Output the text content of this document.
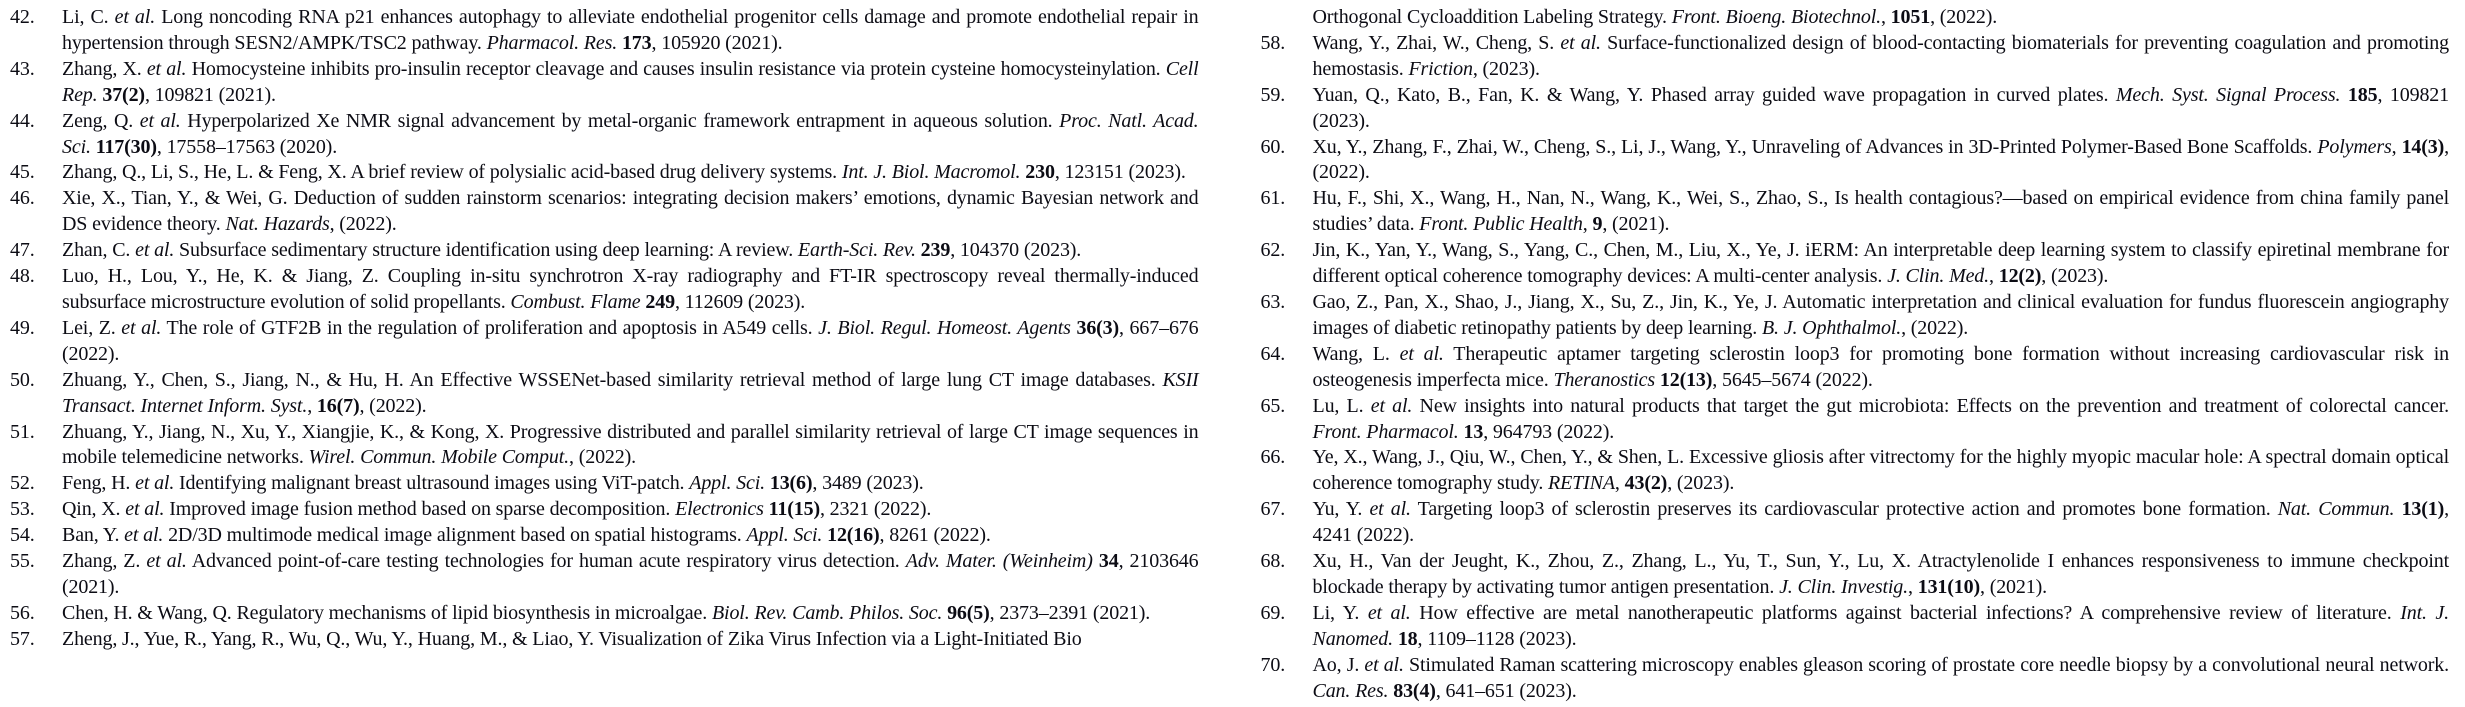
42.	Li, C. et al. Long noncoding RNA p21 enhances autophagy to alleviate endothelial progenitor cells damage and promote endothelial repair in hypertension through SESN2/AMPK/TSC2 pathway. Pharmacol. Res. 173, 105920 (2021).
43.	Zhang, X. et al. Homocysteine inhibits pro-insulin receptor cleavage and causes insulin resistance via protein cysteine homocysteinylation. Cell Rep. 37(2), 109821 (2021).
44.	Zeng, Q. et al. Hyperpolarized Xe NMR signal advancement by metal-organic framework entrapment in aqueous solution. Proc. Natl. Acad. Sci. 117(30), 17558–17563 (2020).
45.	Zhang, Q., Li, S., He, L. & Feng, X. A brief review of polysialic acid-based drug delivery systems. Int. J. Biol. Macromol. 230, 123151 (2023).
46.	Xie, X., Tian, Y., & Wei, G. Deduction of sudden rainstorm scenarios: integrating decision makers’ emotions, dynamic Bayesian network and DS evidence theory. Nat. Hazards, (2022).
47.	Zhan, C. et al. Subsurface sedimentary structure identification using deep learning: A review. Earth-Sci. Rev. 239, 104370 (2023).
48.	Luo, H., Lou, Y., He, K. & Jiang, Z. Coupling in-situ synchrotron X-ray radiography and FT-IR spectroscopy reveal thermally-induced subsurface microstructure evolution of solid propellants. Combust. Flame 249, 112609 (2023).
49.	Lei, Z. et al. The role of GTF2B in the regulation of proliferation and apoptosis in A549 cells. J. Biol. Regul. Homeost. Agents 36(3), 667–676 (2022).
50.	Zhuang, Y., Chen, S., Jiang, N., & Hu, H. An Effective WSSENet-based similarity retrieval method of large lung CT image databases. KSII Transact. Internet Inform. Syst., 16(7), (2022).
51.	Zhuang, Y., Jiang, N., Xu, Y., Xiangjie, K., & Kong, X. Progressive distributed and parallel similarity retrieval of large CT image sequences in mobile telemedicine networks. Wirel. Commun. Mobile Comput., (2022).
52.	Feng, H. et al. Identifying malignant breast ultrasound images using ViT-patch. Appl. Sci. 13(6), 3489 (2023).
53.	Qin, X. et al. Improved image fusion method based on sparse decomposition. Electronics 11(15), 2321 (2022).
54.	Ban, Y. et al. 2D/3D multimode medical image alignment based on spatial histograms. Appl. Sci. 12(16), 8261 (2022).
55.	Zhang, Z. et al. Advanced point-of-care testing technologies for human acute respiratory virus detection. Adv. Mater. (Weinheim) 34, 2103646 (2021).
56.	Chen, H. & Wang, Q. Regulatory mechanisms of lipid biosynthesis in microalgae. Biol. Rev. Camb. Philos. Soc. 96(5), 2373–2391 (2021).
57.	Zheng, J., Yue, R., Yang, R., Wu, Q., Wu, Y., Huang, M., & Liao, Y. Visualization of Zika Virus Infection via a Light-Initiated Bio
Orthogonal Cycloaddition Labeling Strategy. Front. Bioeng. Biotechnol., 1051, (2022).
58.	Wang, Y., Zhai, W., Cheng, S. et al. Surface-functionalized design of blood-contacting biomaterials for preventing coagulation and promoting hemostasis. Friction, (2023).
59.	Yuan, Q., Kato, B., Fan, K. & Wang, Y. Phased array guided wave propagation in curved plates. Mech. Syst. Signal Process. 185, 109821 (2023).
60.	Xu, Y., Zhang, F., Zhai, W., Cheng, S., Li, J., Wang, Y., Unraveling of Advances in 3D-Printed Polymer-Based Bone Scaffolds. Polymers, 14(3), (2022).
61.	Hu, F., Shi, X., Wang, H., Nan, N., Wang, K., Wei, S., Zhao, S., Is health contagious?—based on empirical evidence from china family panel studies’ data. Front. Public Health, 9, (2021).
62.	Jin, K., Yan, Y., Wang, S., Yang, C., Chen, M., Liu, X., Ye, J. iERM: An interpretable deep learning system to classify epiretinal membrane for different optical coherence tomography devices: A multi-center analysis. J. Clin. Med., 12(2), (2023).
63.	Gao, Z., Pan, X., Shao, J., Jiang, X., Su, Z., Jin, K., Ye, J. Automatic interpretation and clinical evaluation for fundus fluorescein angiography images of diabetic retinopathy patients by deep learning. B. J. Ophthalmol., (2022).
64.	Wang, L. et al. Therapeutic aptamer targeting sclerostin loop3 for promoting bone formation without increasing cardiovascular risk in osteogenesis imperfecta mice. Theranostics 12(13), 5645–5674 (2022).
65.	Lu, L. et al. New insights into natural products that target the gut microbiota: Effects on the prevention and treatment of colorectal cancer. Front. Pharmacol. 13, 964793 (2022).
66.	Ye, X., Wang, J., Qiu, W., Chen, Y., & Shen, L. Excessive gliosis after vitrectomy for the highly myopic macular hole: A spectral domain optical coherence tomography study. RETINA, 43(2), (2023).
67.	Yu, Y. et al. Targeting loop3 of sclerostin preserves its cardiovascular protective action and promotes bone formation. Nat. Commun. 13(1), 4241 (2022).
68.	Xu, H., Van der Jeught, K., Zhou, Z., Zhang, L., Yu, T., Sun, Y., Lu, X. Atractylenolide I enhances responsiveness to immune checkpoint blockade therapy by activating tumor antigen presentation. J. Clin. Investig., 131(10), (2021).
69.	Li, Y. et al. How effective are metal nanotherapeutic platforms against bacterial infections? A comprehensive review of literature. Int. J. Nanomed. 18, 1109–1128 (2023).
70.	Ao, J. et al. Stimulated Raman scattering microscopy enables gleason scoring of prostate core needle biopsy by a convolutional neural network. Can. Res. 83(4), 641–651 (2023).
